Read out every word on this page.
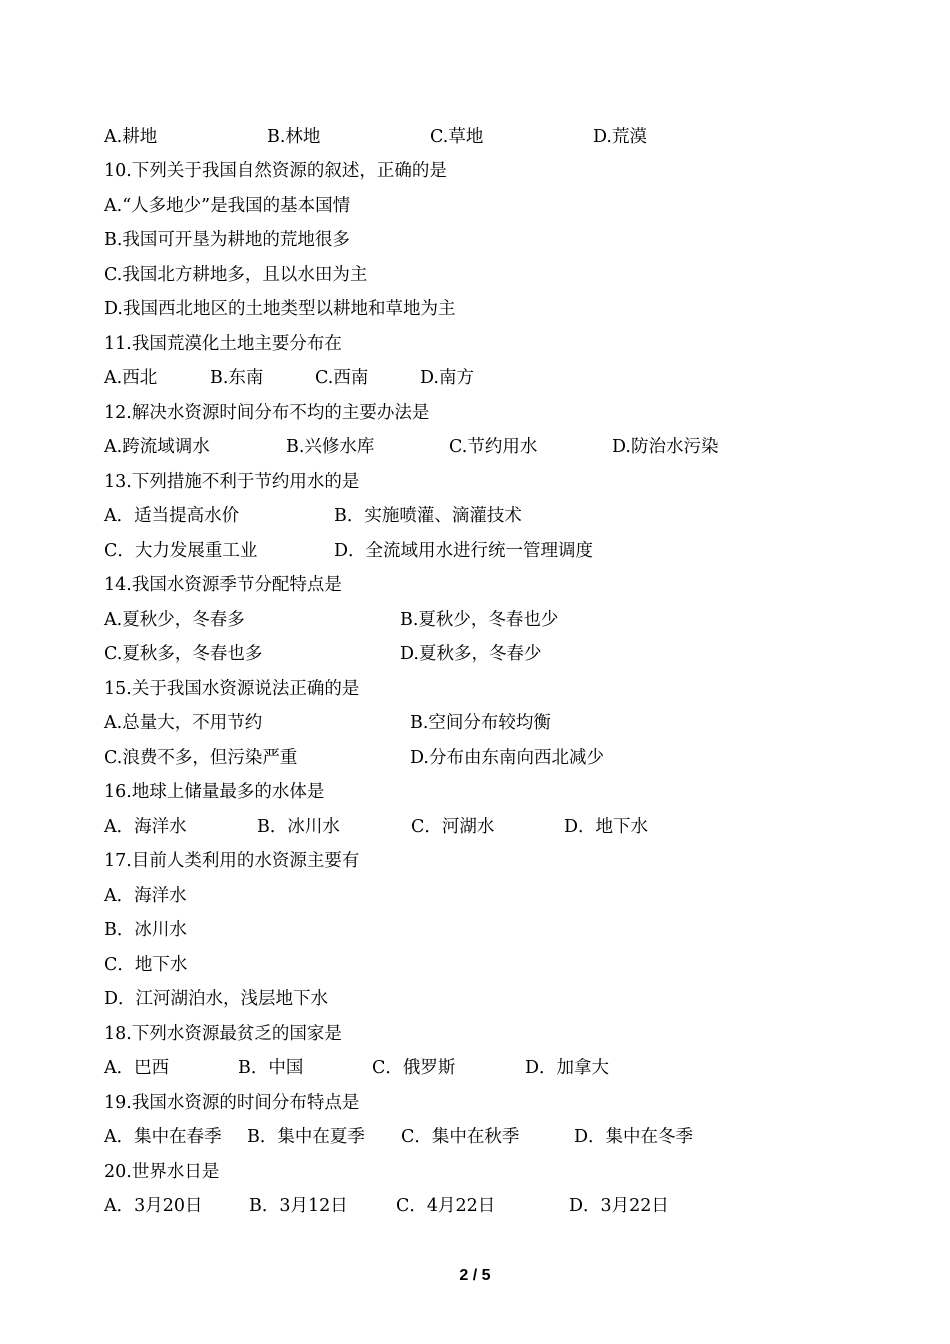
A.耕地	B.林地	C.草地	D.荒漠
10.下列关于我国自然资源的叙述，正确的是
A.“人多地少”是我国的基本国情
B.我国可开垦为耕地的荒地很多
C.我国北方耕地多，且以水田为主
D.我国西北地区的土地类型以耕地和草地为主
11.我国荒漠化土地主要分布在
A.西北	B.东南	C.西南	D.南方
12.解决水资源时间分布不均的主要办法是
A.跨流域调水	B.兴修水库	C.节约用水	D.防治水污染
13.下列措施不利于节约用水的是
A．适当提高水价	B．实施喷灌、滴灌技术
C．大力发展重工业	D．全流域用水进行统一管理调度
14.我国水资源季节分配特点是
A.夏秋少，冬春多	B.夏秋少，冬春也少
C.夏秋多，冬春也多	D.夏秋多，冬春少
15.关于我国水资源说法正确的是
A.总量大，不用节约	B.空间分布较均衡
C.浪费不多，但污染严重	D.分布由东南向西北减少
16.地球上储量最多的水体是
A．海洋水	B．冰川水	C．河湖水	D．地下水
17.目前人类利用的水资源主要有
A．海洋水
B．冰川水
C．地下水
D．江河湖泊水，浅层地下水
18.下列水资源最贫乏的国家是
A．巴西	B．中国	C．俄罗斯	D．加拿大
19.我国水资源的时间分布特点是
A．集中在春季 B．集中在夏季 C．集中在秋季	D．集中在冬季
20.世界水日是
A．3月20日	B．3月12日	C．4月22日	D．3月22日
2 / 5
